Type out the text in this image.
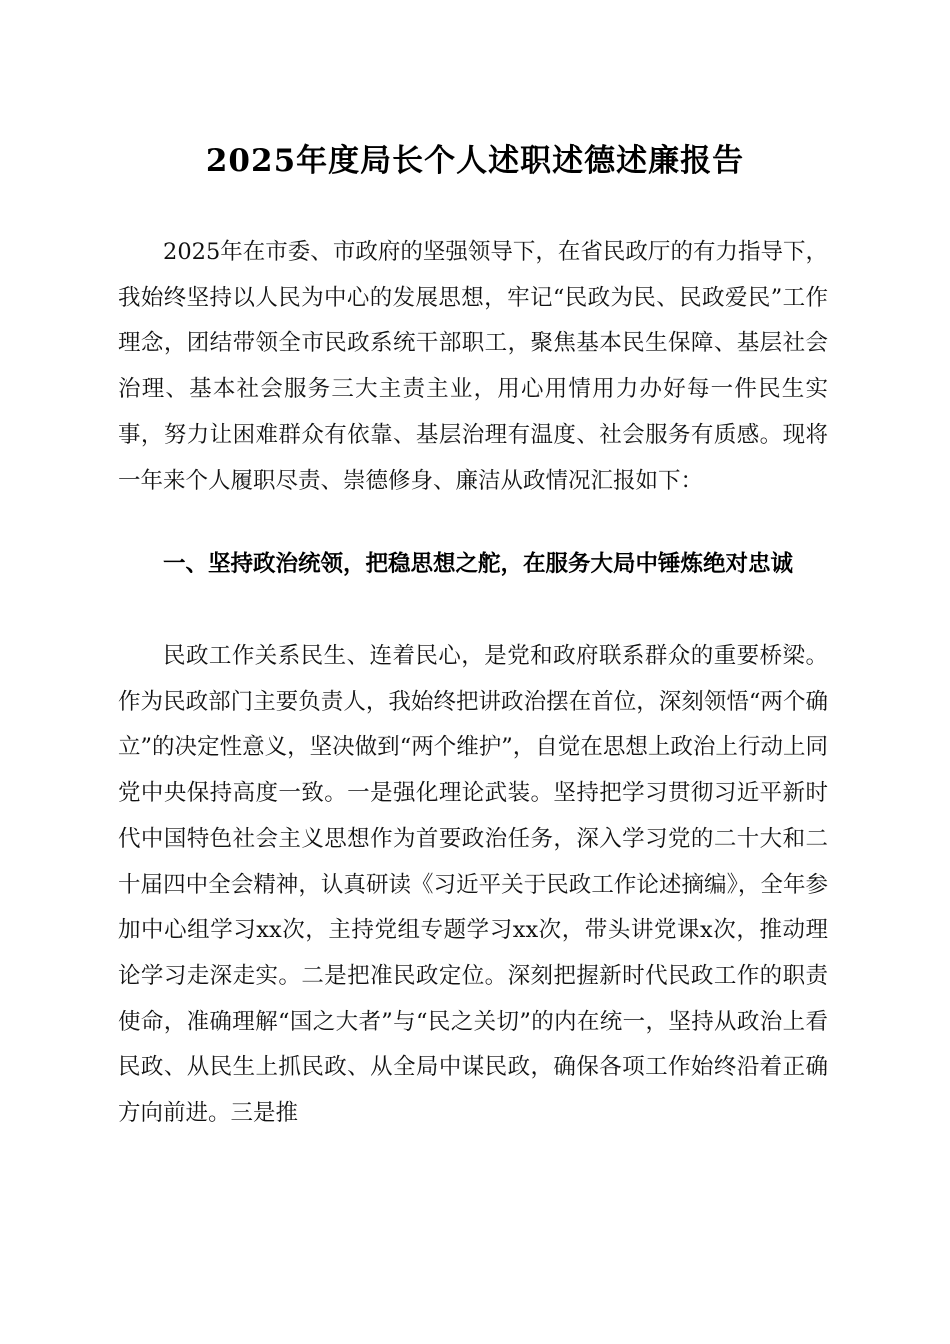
2025年度局长个人述职述德述廉报告

2025年在市委、市政府的坚强领导下，在省民政厅的有力指导下，我始终坚持以人民为中心的发展思想，牢记“民政为民、民政爱民”工作理念，团结带领全市民政系统干部职工，聚焦基本民生保障、基层社会治理、基本社会服务三大主责主业，用心用情用力办好每一件民生实事，努力让困难群众有依靠、基层治理有温度、社会服务有质感。现将一年来个人履职尽责、崇德修身、廉洁从政情况汇报如下：

一、坚持政治统领，把稳思想之舵，在服务大局中锤炼绝对忠诚

民政工作关系民生、连着民心，是党和政府联系群众的重要桥梁。作为民政部门主要负责人，我始终把讲政治摆在首位，深刻领悟“两个确立”的决定性意义，坚决做到“两个维护”，自觉在思想上政治上行动上同党中央保持高度一致。一是强化理论武装。坚持把学习贯彻习近平新时代中国特色社会主义思想作为首要政治任务，深入学习党的二十大和二十届四中全会精神，认真研读《习近平关于民政工作论述摘编》，全年参加中心组学习xx次，主持党组专题学习xx次，带头讲党课x次，推动理论学习走深走实。二是把准民政定位。深刻把握新时代民政工作的职责使命，准确理解“国之大者”与“民之关切”的内在统一，坚持从政治上看民政、从民生上抓民政、从全局中谋民政，确保各项工作始终沿着正确方向前进。三是推
